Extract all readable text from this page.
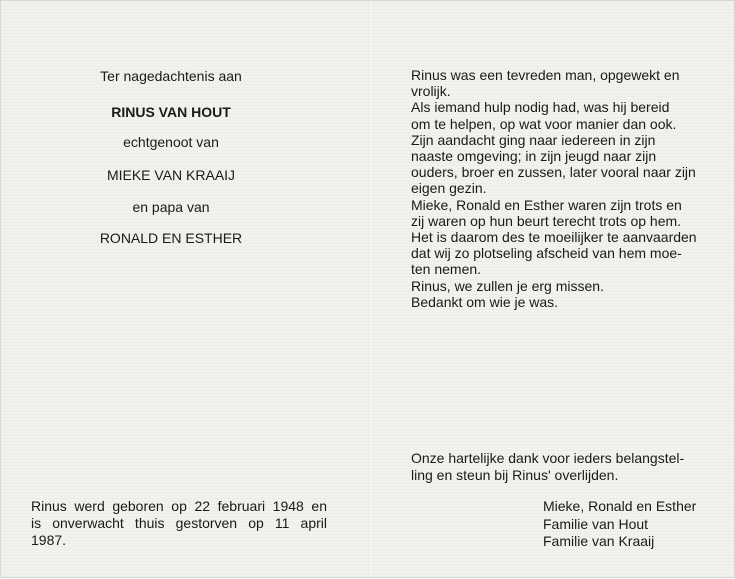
Ter nagedachtenis aan
RINUS VAN HOUT
echtgenoot van
MIEKE VAN KRAAIJ
en papa van
RONALD EN ESTHER
Rinus werd geboren op 22 februari 1948 en
is onverwacht thuis gestorven op 11 april
1987.
Rinus was een tevreden man, opgewekt en
vrolijk.
Als iemand hulp nodig had, was hij bereid
om te helpen, op wat voor manier dan ook.
Zijn aandacht ging naar iedereen in zijn
naaste omgeving; in zijn jeugd naar zijn
ouders, broer en zussen, later vooral naar zijn
eigen gezin.
Mieke, Ronald en Esther waren zijn trots en
zij waren op hun beurt terecht trots op hem.
Het is daarom des te moeilijker te aanvaarden
dat wij zo plotseling afscheid van hem moe-
ten nemen.
Rinus, we zullen je erg missen.
Bedankt om wie je was.
Onze hartelijke dank voor ieders belangstel-
ling en steun bij Rinus' overlijden.
Mieke, Ronald en Esther
Familie van Hout
Familie van Kraaij
